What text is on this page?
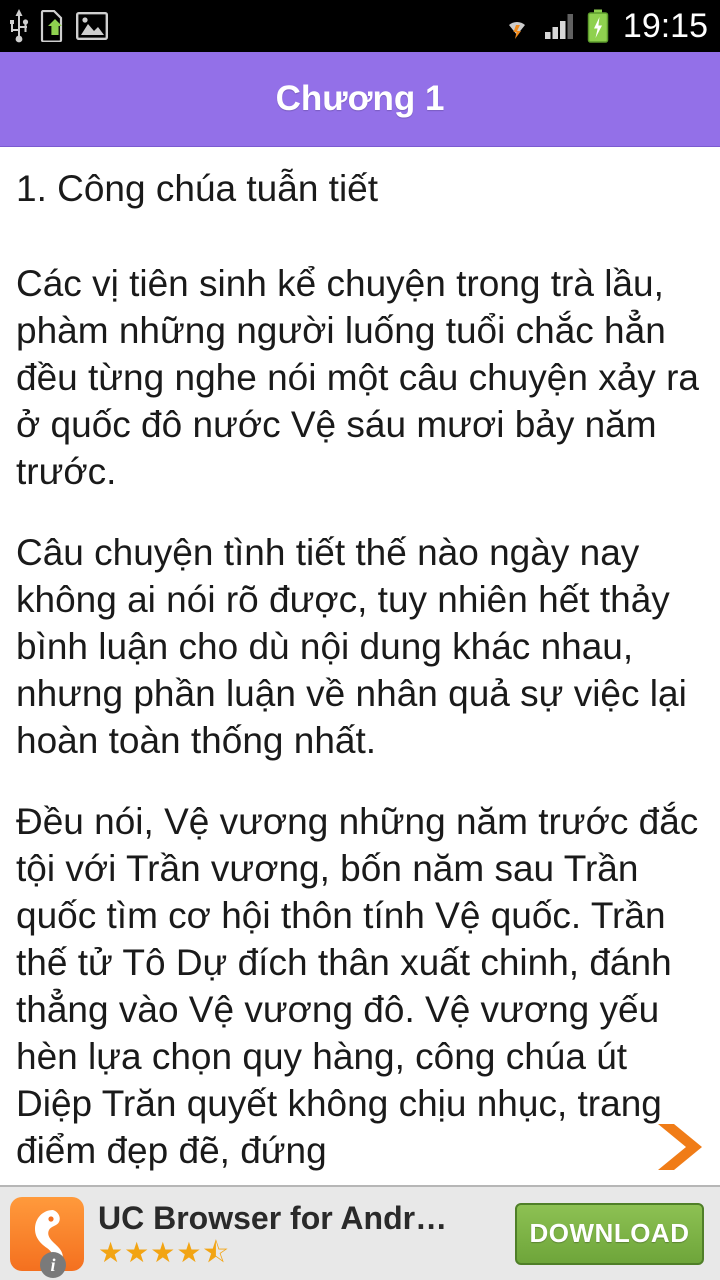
19:15
Chương 1

1. Công chúa tuẫn tiết

Các vị tiên sinh kể chuyện trong trà lầu, phàm những người luống tuổi chắc hẳn đều từng nghe nói một câu chuyện xảy ra ở quốc đô nước Vệ sáu mươi bảy năm trước.

Câu chuyện tình tiết thế nào ngày nay không ai nói rõ được, tuy nhiên hết thảy bình luận cho dù nội dung khác nhau, nhưng phần luận về nhân quả sự việc lại hoàn toàn thống nhất.

Đều nói, Vệ vương những năm trước đắc tội với Trần vương, bốn năm sau Trần quốc tìm cơ hội thôn tính Vệ quốc. Trần thế tử Tô Dự đích thân xuất chinh, đánh thẳng vào Vệ vương đô. Vệ vương yếu hèn lựa chọn quy hàng, công chúa út Diệp Trăn quyết không chịu nhục, trang điểm đẹp đẽ, đứng

i
UC Browser for Andr…
★ ★ ★ ★ ⯪
DOWNLOAD
